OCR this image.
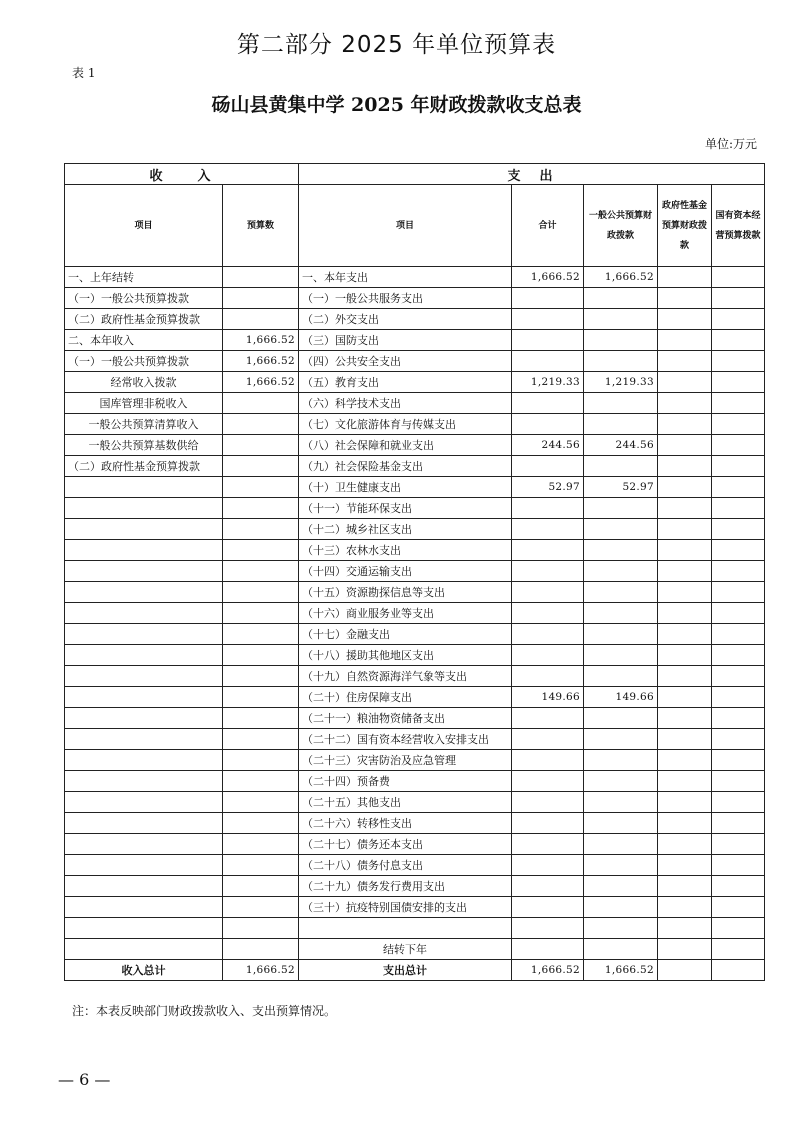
第二部分 2025 年单位预算表
表 1
砀山县黄集中学 2025 年财政拨款收支总表
单位:万元
收　　入		支　出				
项目	预算数	项目	合计	一般公共预算财政拨款	政府性基金预算财政拨款	国有资本经营预算拨款
一、上年结转		一、本年支出	1,666.52	1,666.52		
（一）一般公共预算拨款		（一）一般公共服务支出				
（二）政府性基金预算拨款		（二）外交支出				
二、本年收入	1,666.52	（三）国防支出				
（一）一般公共预算拨款	1,666.52	（四）公共安全支出				
经常收入拨款	1,666.52	（五）教育支出	1,219.33	1,219.33		
国库管理非税收入		（六）科学技术支出				
一般公共预算清算收入		（七）文化旅游体育与传媒支出				
一般公共预算基数供给		（八）社会保障和就业支出	244.56	244.56		
（二）政府性基金预算拨款		（九）社会保险基金支出				
		（十）卫生健康支出	52.97	52.97		
		（十一）节能环保支出				
		（十二）城乡社区支出				
		（十三）农林水支出				
		（十四）交通运输支出				
		（十五）资源勘探信息等支出				
		（十六）商业服务业等支出				
		（十七）金融支出				
		（十八）援助其他地区支出				
		（十九）自然资源海洋气象等支出				
		（二十）住房保障支出	149.66	149.66		
		（二十一）粮油物资储备支出				
		（二十二）国有资本经营收入安排支出				
		（二十三）灾害防治及应急管理				
		（二十四）预备费				
		（二十五）其他支出				
		（二十六）转移性支出				
		（二十七）债务还本支出				
		（二十八）债务付息支出				
		（二十九）债务发行费用支出				
		（三十）抗疫特别国债安排的支出				

		结转下年				
收入总计	1,666.52	支出总计	1,666.52	1,666.52		
注：本表反映部门财政拨款收入、支出预算情况。
— 6 —
